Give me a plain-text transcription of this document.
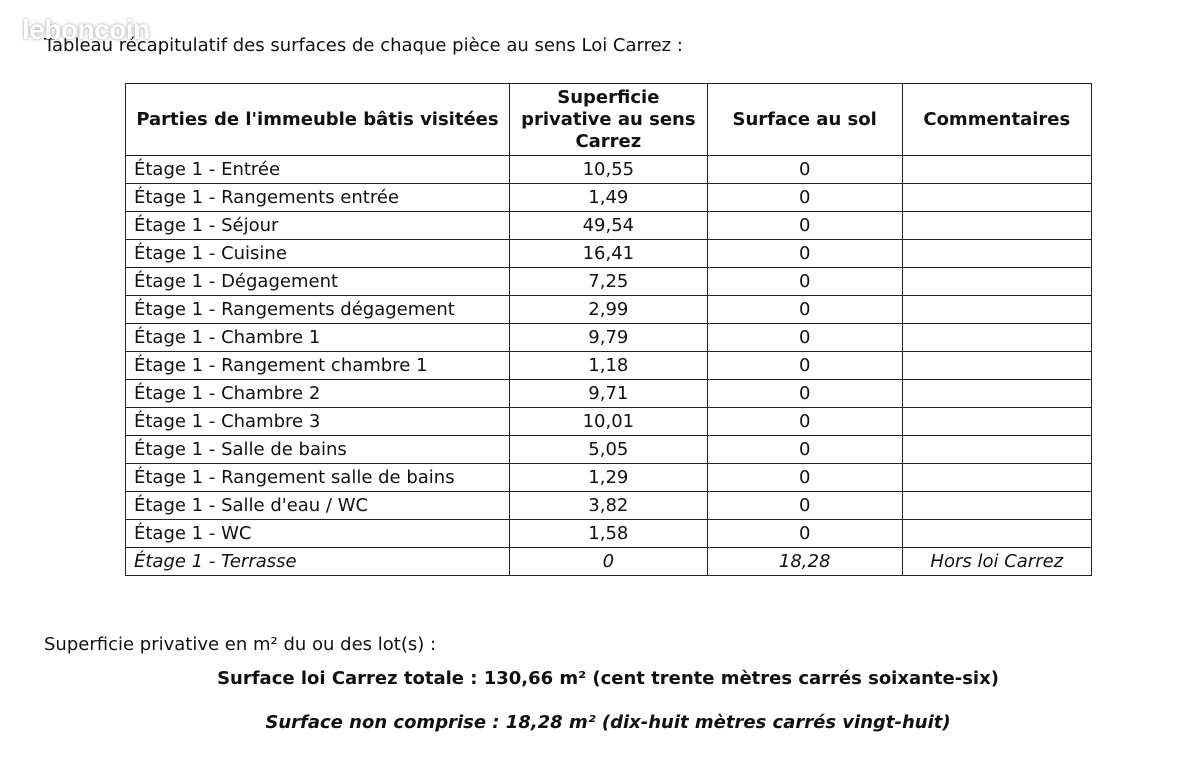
leboncoin
Tableau récapitulatif des surfaces de chaque pièce au sens Loi Carrez :
Parties de l'immeuble bâtis visitées	Superficie privative au sens Carrez	Surface au sol	Commentaires
Étage 1 - Entrée	10,55	0	
Étage 1 - Rangements entrée	1,49	0	
Étage 1 - Séjour	49,54	0	
Étage 1 - Cuisine	16,41	0	
Étage 1 - Dégagement	7,25	0	
Étage 1 - Rangements dégagement	2,99	0	
Étage 1 - Chambre 1	9,79	0	
Étage 1 - Rangement chambre 1	1,18	0	
Étage 1 - Chambre 2	9,71	0	
Étage 1 - Chambre 3	10,01	0	
Étage 1 - Salle de bains	5,05	0	
Étage 1 - Rangement salle de bains	1,29	0	
Étage 1 - Salle d'eau / WC	3,82	0	
Étage 1 - WC	1,58	0	
Étage 1 - Terrasse	0	18,28	Hors loi Carrez
Superficie privative en m² du ou des lot(s) :
Surface loi Carrez totale : 130,66 m² (cent trente mètres carrés soixante-six)
Surface non comprise : 18,28 m² (dix-huit mètres carrés vingt-huit)
